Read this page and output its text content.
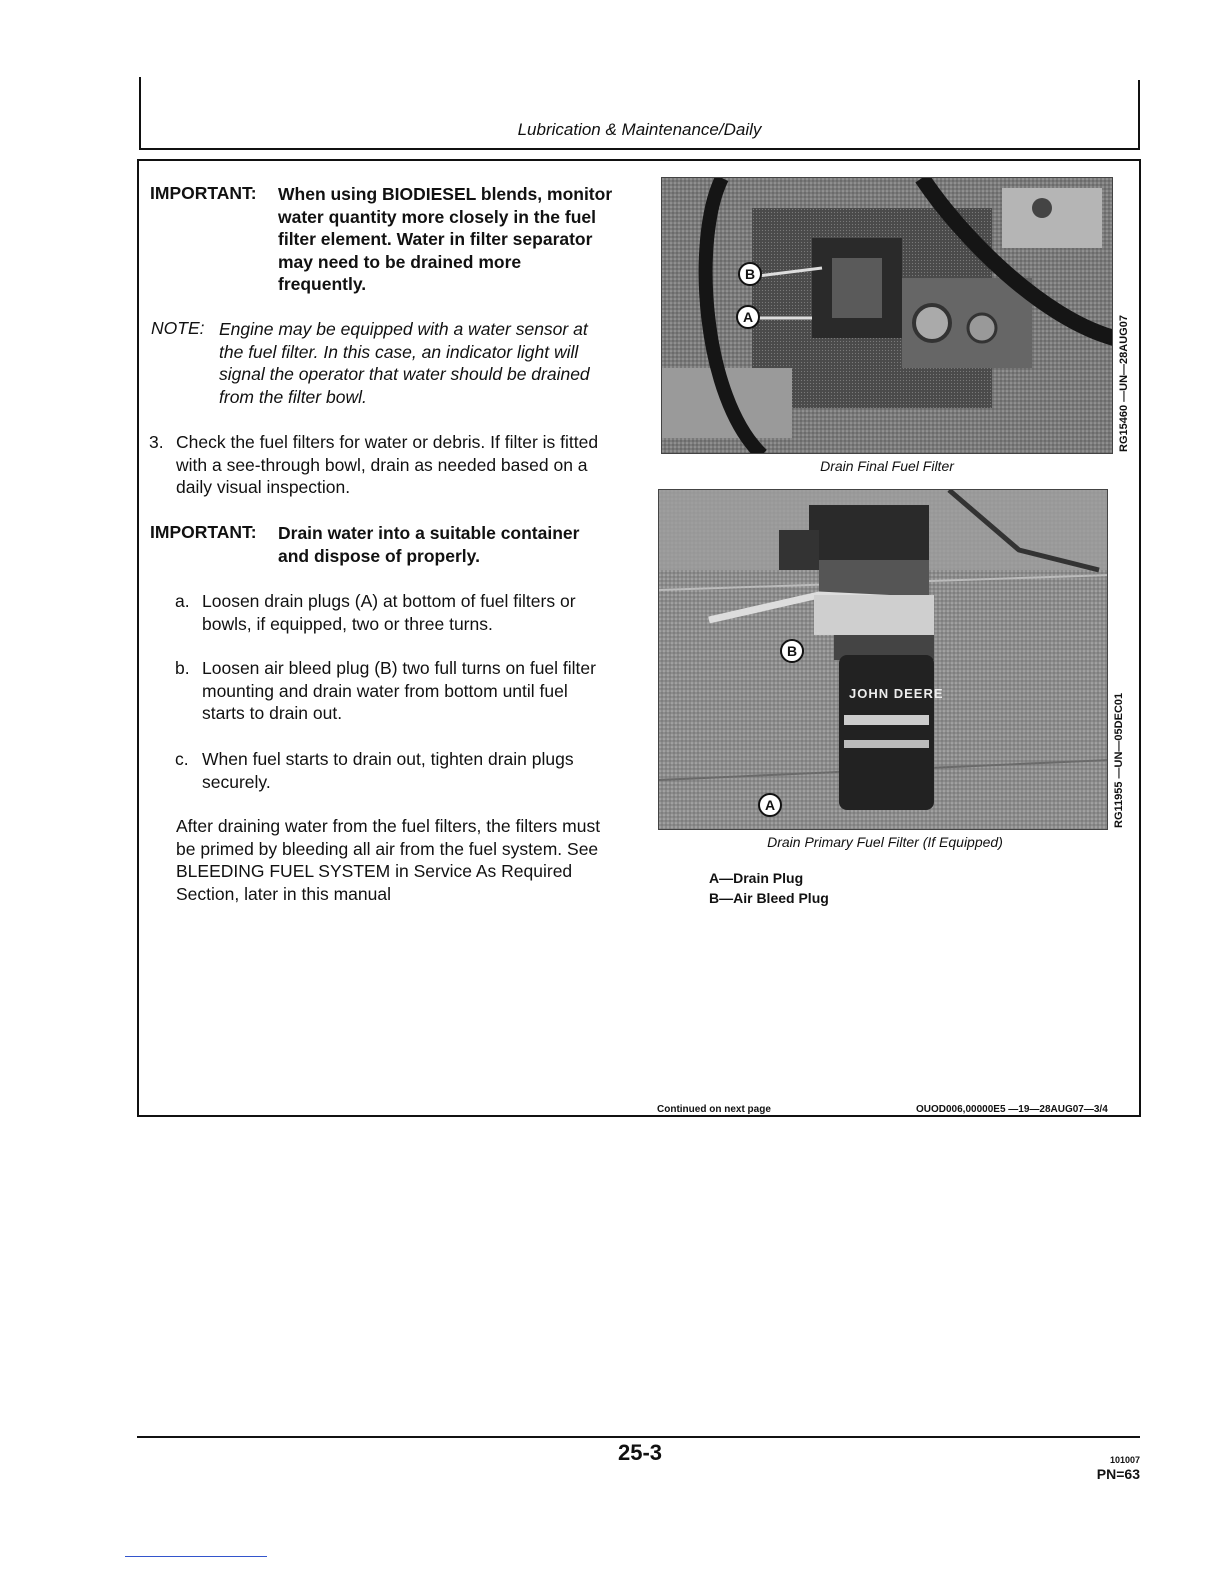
Lubrication & Maintenance/Daily
IMPORTANT: When using BIODIESEL blends, monitor
water quantity more closely in the fuel
filter element. Water in filter separator
may need to be drained more
frequently.
NOTE: Engine may be equipped with a water sensor at
the fuel filter. In this case, an indicator light will
signal the operator that water should be drained
from the filter bowl.
3. Check the fuel filters for water or debris. If filter is fitted
with a see-through bowl, drain as needed based on a
daily visual inspection.
IMPORTANT: Drain water into a suitable container
and dispose of properly.
a. Loosen drain plugs (A) at bottom of fuel filters or
bowls, if equipped, two or three turns.
b. Loosen air bleed plug (B) two full turns on fuel filter
mounting and drain water from bottom until fuel
starts to drain out.
c. When fuel starts to drain out, tighten drain plugs
securely.
After draining water from the fuel filters, the filters must
be primed by bleeding all air from the fuel system. See
BLEEDING FUEL SYSTEM in Service As Required
Section, later in this manual
B
A	RG15460 —UN—28AUG07
Drain Final Fuel Filter
JOHN DEERE
B
A	RG11955 —UN—05DEC01
Drain Primary Fuel Filter (If Equipped)
A—Drain Plug
B—Air Bleed Plug
Continued on next page	OUOD006,00000E5 —19—28AUG07—3/4
25-3	101007
PN=63
